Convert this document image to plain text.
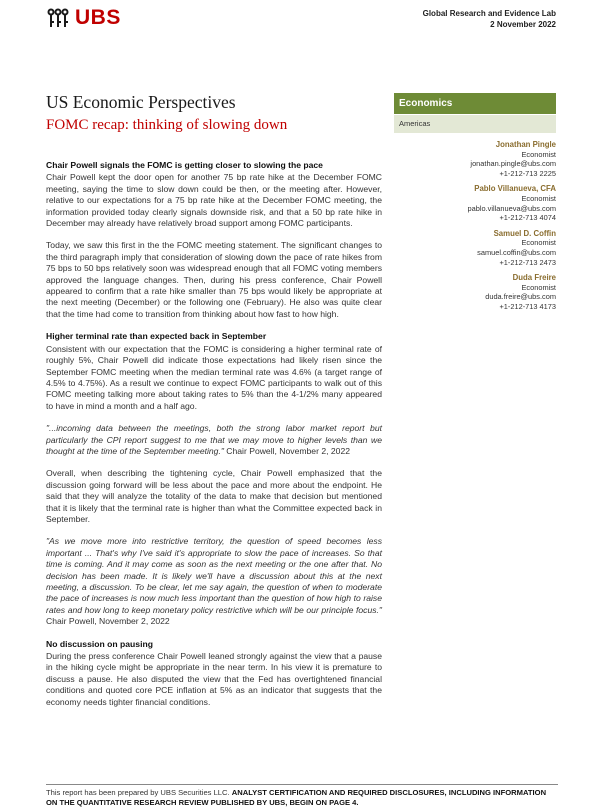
UBS	Global Research and Evidence Lab
2 November 2022
US Economic Perspectives
FOMC recap: thinking of slowing down
Chair Powell signals the FOMC is getting closer to slowing the pace

Chair Powell kept the door open for another 75 bp rate hike at the December FOMC meeting, saying the time to slow down could be then, or the meeting after. However, relative to our expectations for a 75 bp rate hike at the December FOMC meeting, the information provided today clearly signals downside risk, and that a 50 bp rate hike in December may already have relatively broad support among FOMC participants.

Today, we saw this first in the the FOMC meeting statement. The significant changes to the third paragraph imply that consideration of slowing down the pace of rate hikes from 75 bps to 50 bps relatively soon was widespread enough that all FOMC voting members approved the language changes. Then, during his press conference, Chair Powell appeared to confirm that a rate hike smaller than 75 bps would likely be appropriate at the next meeting (December) or the following one (February). He also was quite clear that the time had come to transition from thinking about how fast to how high.

Higher terminal rate than expected back in September

Consistent with our expectation that the FOMC is considering a higher terminal rate of roughly 5%, Chair Powell did indicate those expectations had likely risen since the September FOMC meeting when the median terminal rate was 4.6% (a target range of 4.5% to 4.75%). As a result we continue to expect FOMC participants to walk out of this FOMC meeting talking more about taking rates to 5% than the 4-1/2% many appeared to have in mind a month and a half ago.

"...incoming data between the meetings, both the strong labor market report but particularly the CPI report suggest to me that we may move to higher levels than we thought at the time of the September meeting." Chair Powell, November 2, 2022

Overall, when describing the tightening cycle, Chair Powell emphasized that the discussion going forward will be less about the pace and more about the endpoint. He said that they will analyze the totality of the data to make that decision but mentioned that it is likely that the terminal rate is higher than what the Committee expected back in September.

"As we move more into restrictive territory, the question of speed becomes less important ... That's why I've said it's appropriate to slow the pace of increases. So that time is coming. And it may come as soon as the next meeting or the one after that. No decision has been made. It is likely we'll have a discussion about this at the next meeting, a discussion. To be clear, let me say again, the question of when to moderate the pace of increases is now much less important than the question of how high to raise rates and how long to keep monetary policy restrictive which will be our principle focus." Chair Powell, November 2, 2022

No discussion on pausing

During the press conference Chair Powell leaned strongly against the view that a pause in the hiking cycle might be appropriate in the near term. In his view it is premature to discuss a pause. He also disputed the view that the Fed has overtightened financial conditions and quoted core PCE inflation at 5% as an indicator that suggests that the economy needs tighter financial conditions.

Economics
Americas
Jonathan Pingle
Economist
jonathan.pingle@ubs.com
+1-212-713 2225
Pablo Villanueva, CFA
Economist
pablo.villanueva@ubs.com
+1-212-713 4074
Samuel D. Coffin
Economist
samuel.coffin@ubs.com
+1-212-713 2473
Duda Freire
Economist
duda.freire@ubs.com
+1-212-713 4173
This report has been prepared by UBS Securities LLC. ANALYST CERTIFICATION AND REQUIRED DISCLOSURES, INCLUDING INFORMATION ON THE QUANTITATIVE RESEARCH REVIEW PUBLISHED BY UBS, BEGIN ON PAGE 4.
